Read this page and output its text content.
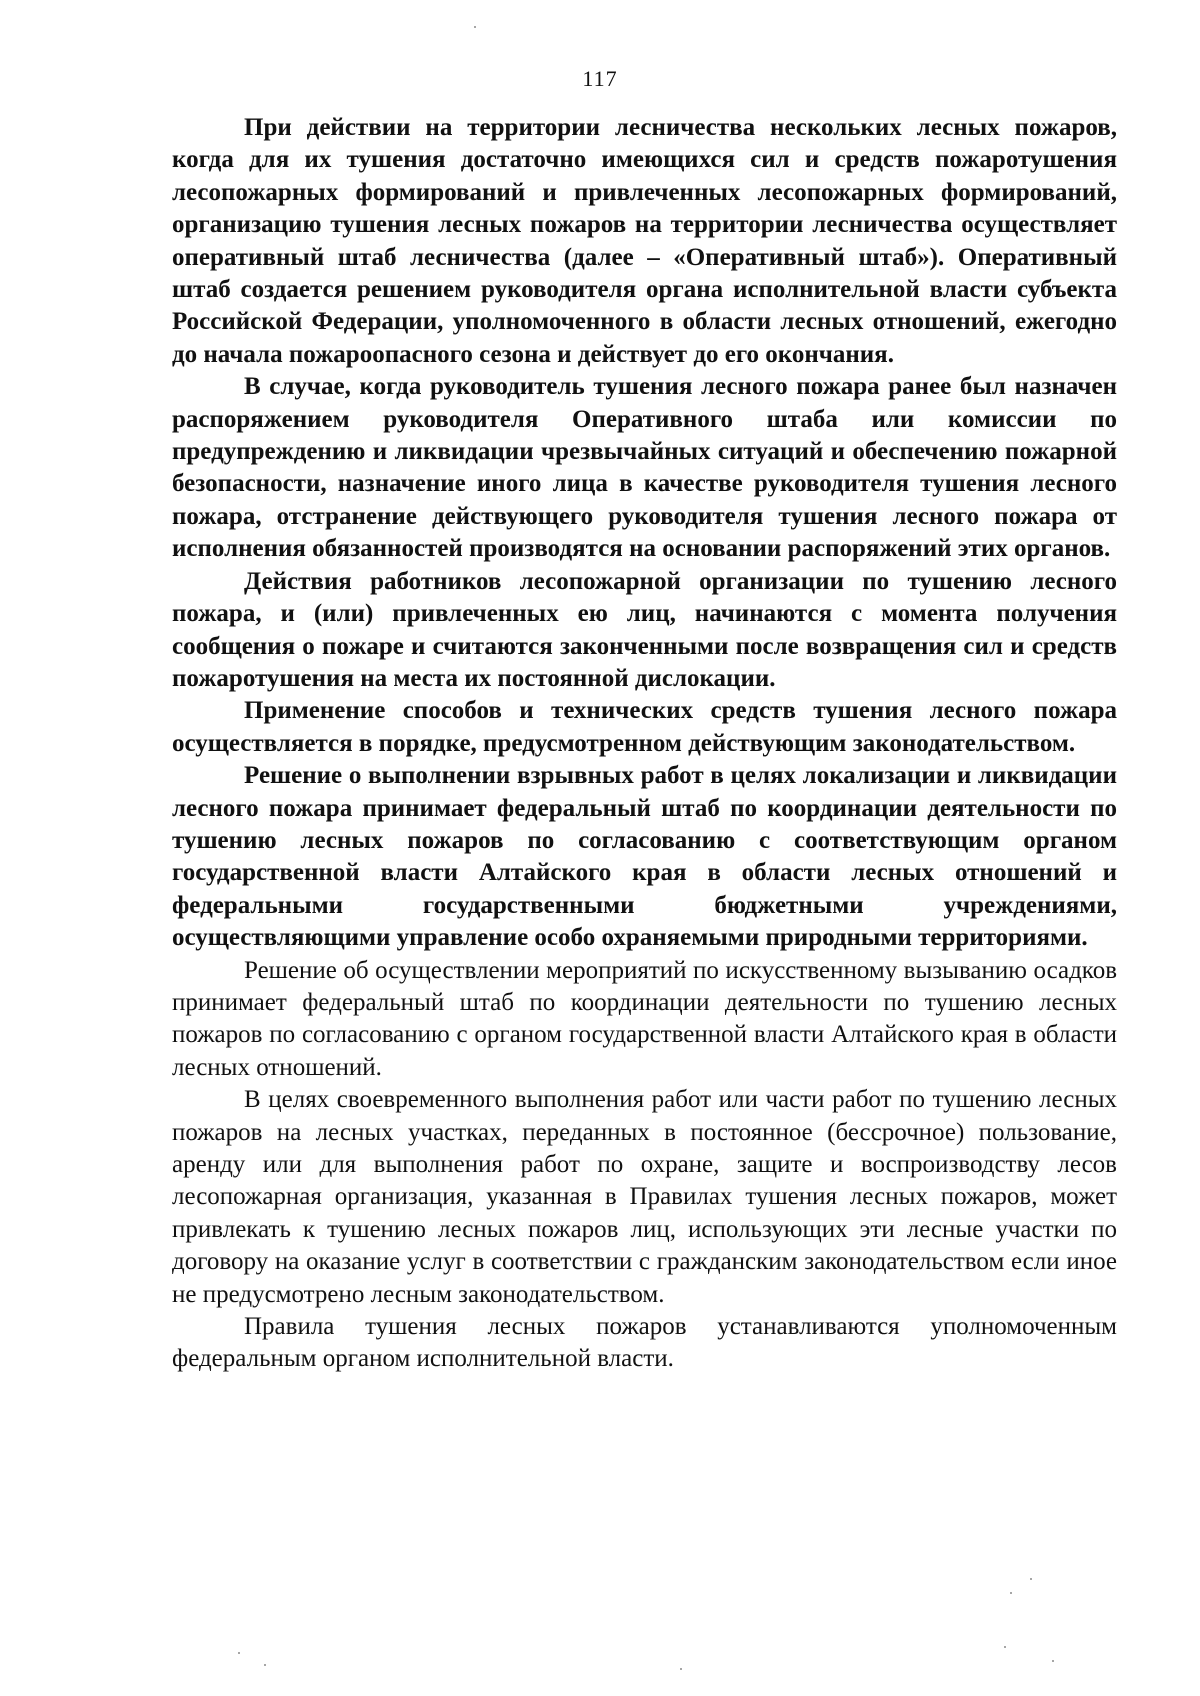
117

При действии на территории лесничества нескольких лесных пожаров, когда для их тушения достаточно имеющихся сил и средств пожаротушения лесопожарных формирований и привлеченных лесопожарных формирований, организацию тушения лесных пожаров на территории лесничества осуществляет оперативный штаб лесничества (далее – «Оперативный штаб»). Оперативный штаб создается решением руководителя органа исполнительной власти субъекта Российской Федерации, уполномоченного в области лесных отношений, ежегодно до начала пожароопасного сезона и действует до его окончания.

В случае, когда руководитель тушения лесного пожара ранее был назначен распоряжением руководителя Оперативного штаба или комиссии по предупреждению и ликвидации чрезвычайных ситуаций и обеспечению пожарной безопасности, назначение иного лица в качестве руководителя тушения лесного пожара, отстранение действующего руководителя тушения лесного пожара от исполнения обязанностей производятся на основании распоряжений этих органов.

Действия работников лесопожарной организации по тушению лесного пожара, и (или) привлеченных ею лиц, начинаются с момента получения сообщения о пожаре и считаются законченными после возвращения сил и средств пожаротушения на места их постоянной дислокации.

Применение способов и технических средств тушения лесного пожара осуществляется в порядке, предусмотренном действующим законодательством.

Решение о выполнении взрывных работ в целях локализации и ликвидации лесного пожара принимает федеральный штаб по координации деятельности по тушению лесных пожаров по согласованию с соответствующим органом государственной власти Алтайского края в области лесных отношений и федеральными государственными бюджетными учреждениями, осуществляющими управление особо охраняемыми природными территориями.

Решение об осуществлении мероприятий по искусственному вызыванию осадков принимает федеральный штаб по координации деятельности по тушению лесных пожаров по согласованию с органом государственной власти Алтайского края в области лесных отношений.

В целях своевременного выполнения работ или части работ по тушению лесных пожаров на лесных участках, переданных в постоянное (бессрочное) пользование, аренду или для выполнения работ по охране, защите и воспроизводству лесов лесопожарная организация, указанная в Правилах тушения лесных пожаров, может привлекать к тушению лесных пожаров лиц, использующих эти лесные участки по договору на оказание услуг в соответствии с гражданским законодательством если иное не предусмотрено лесным законодательством.

Правила тушения лесных пожаров устанавливаются уполномоченным федеральным органом исполнительной власти.
